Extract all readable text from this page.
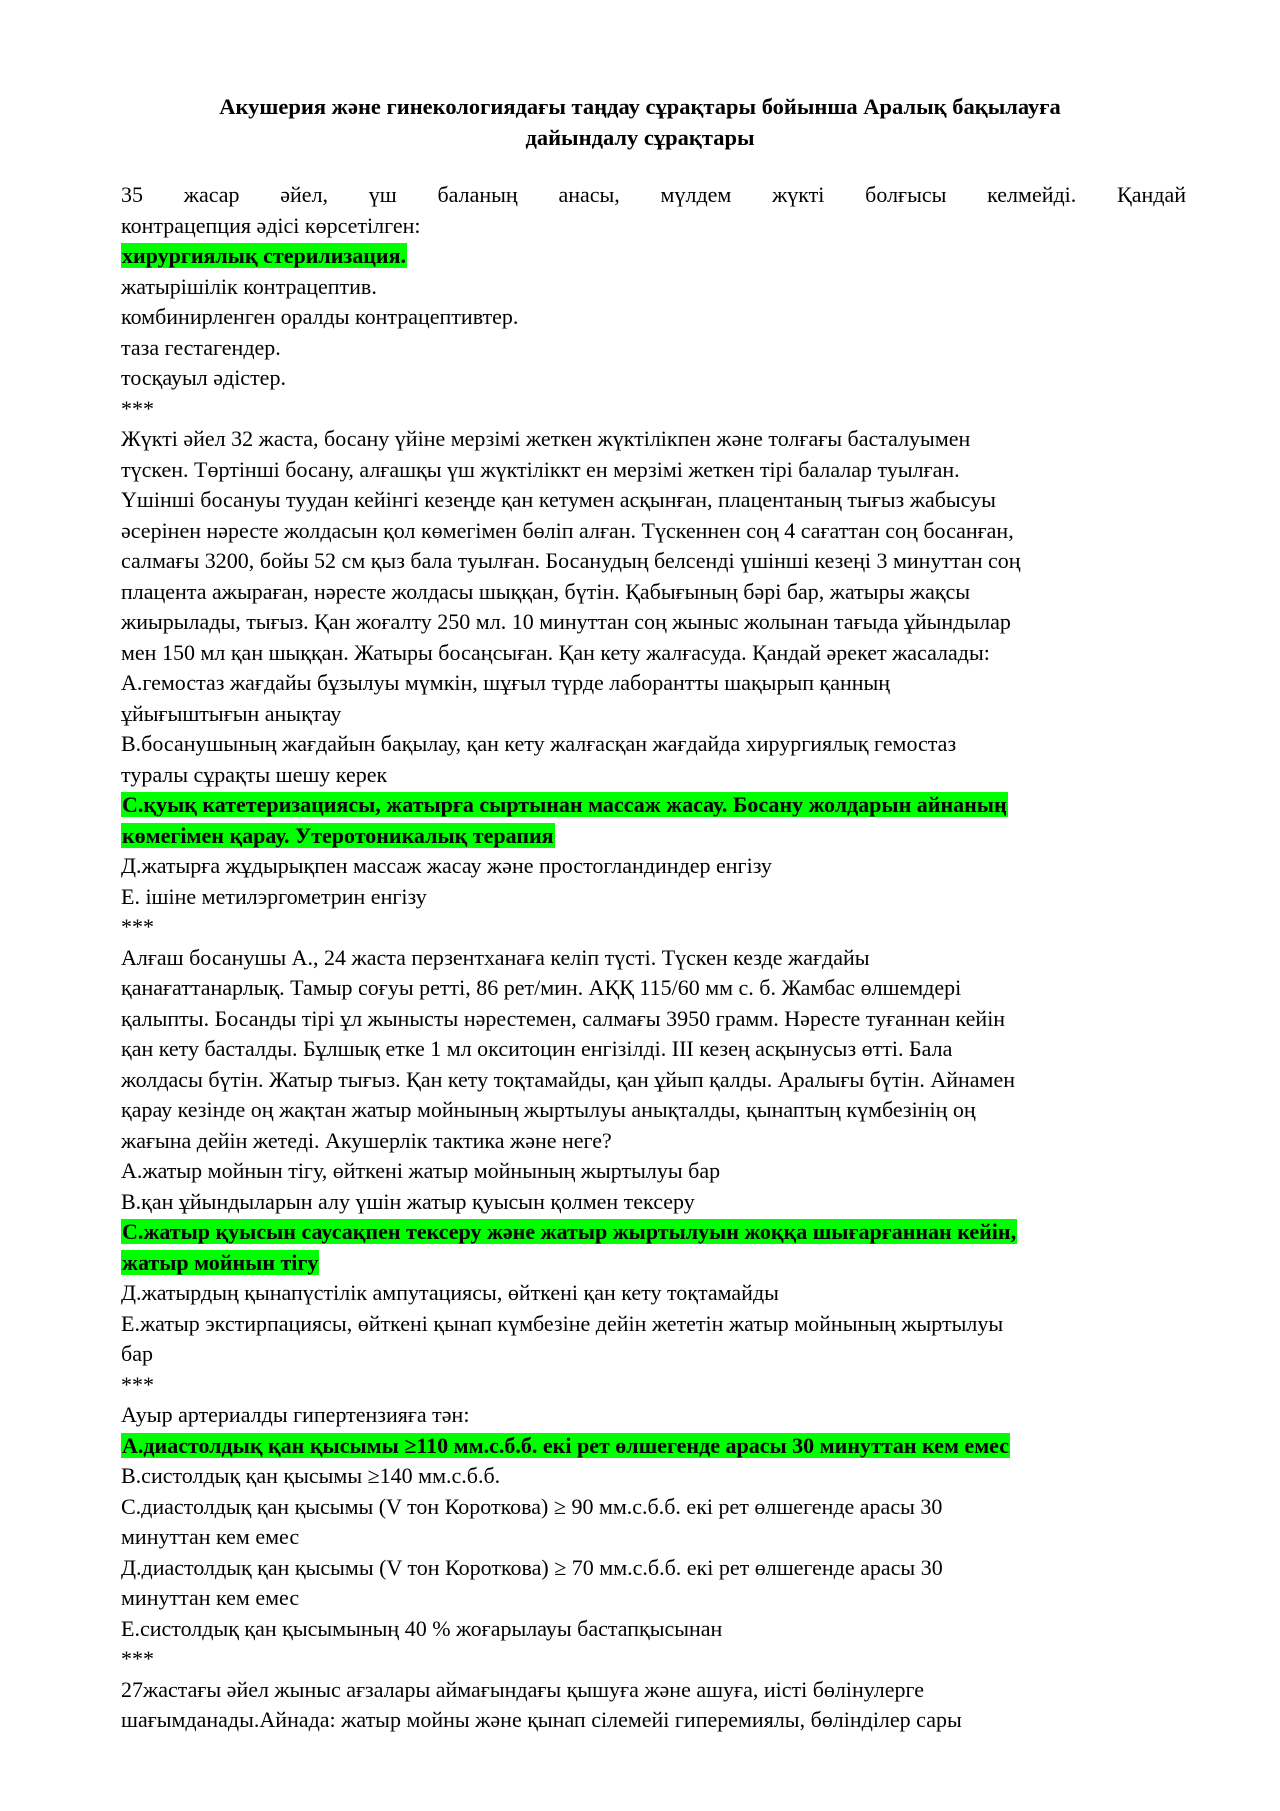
Акушерия және гинекологиядағы таңдау сұрақтары бойынша Аралық бақылауға
дайындалу сұрақтары
35 жасар әйел, үш баланың анасы, мүлдем жүкті болғысы келмейді. Қандай
контрацепция әдісі көрсетілген:
хирургиялық стерилизация.
жатырішілік контрацептив.
комбинирленген оралды контрацептивтер.
таза гестагендер.
тосқауыл әдістер.
***
Жүкті әйел 32 жаста, босану үйіне мерзімі жеткен жүктілікпен және толғағы басталуымен
түскен. Төртінші босану, алғашқы үш жүктіліккт ен мерзімі жеткен тірі балалар туылған.
Үшінші босануы туудан кейінгі кезеңде қан кетумен асқынған, плацентаның тығыз жабысуы
әсерінен нәресте жолдасын қол көмегімен бөліп алған. Түскеннен соң 4 сағаттан соң босанған,
салмағы 3200, бойы 52 см қыз бала туылған. Босанудың белсенді үшінші кезеңі 3 минуттан соң
плацента ажыраған, нәресте жолдасы шыққан, бүтін. Қабығының бәрі бар, жатыры жақсы
жиырылады, тығыз. Қан жоғалту 250 мл. 10 минуттан соң жыныс жолынан тағыда ұйындылар
мен 150 мл қан шыққан. Жатыры босаңсыған. Қан кету жалғасуда. Қандай әрекет жасалады:
А.гемостаз жағдайы бұзылуы мүмкін, шұғыл түрде лаборантты шақырып қанның
ұйығыштығын анықтау
В.босанушының жағдайын бақылау, қан кету жалғасқан жағдайда хирургиялық гемостаз
туралы сұрақты шешу керек
С.қуық катетеризациясы, жатырға сыртынан массаж жасау. Босану жолдарын айнаның
көмегімен қарау. Утеротоникалық терапия
Д.жатырға жұдырықпен массаж жасау және простогландиндер енгізу
Е. ішіне метилэргометрин енгізу
***
Алғаш босанушы А., 24 жаста перзентханаға келіп түсті. Түскен кезде жағдайы
қанағаттанарлық. Тамыр соғуы ретті, 86 рет/мин. АҚҚ 115/60 мм с. б. Жамбас өлшемдері
қалыпты. Босанды тірі ұл жынысты нәрестемен, салмағы 3950 грамм. Нәресте туғаннан кейін
қан кету басталды. Бұлшық етке 1 мл окситоцин енгізілді. III кезең асқынусыз өтті. Бала
жолдасы бүтін. Жатыр тығыз. Қан кету тоқтамайды, қан ұйып қалды. Аралығы бүтін. Айнамен
қарау кезінде оң жақтан жатыр мойнының жыртылуы анықталды, қынаптың күмбезінің оң
жағына дейін жетеді. Акушерлік тактика және неге?
А.жатыр мойнын тігу, өйткені жатыр мойнының жыртылуы бар
В.қан ұйындыларын алу үшін жатыр қуысын қолмен тексеру
С.жатыр қуысын саусақпен тексеру және жатыр жыртылуын жоққа шығарғаннан кейін,
жатыр мойнын тігу
Д.жатырдың қынапүстілік ампутациясы, өйткені қан кету тоқтамайды
Е.жатыр экстирпациясы, өйткені қынап күмбезіне дейін жететін жатыр мойнының жыртылуы
бар
***
Ауыр артериалды гипертензияға тән:
А.диастолдық қан қысымы ≥110 мм.с.б.б. екі рет өлшегенде арасы 30 минуттан кем емес
В.систолдық қан қысымы ≥140 мм.с.б.б.
С.диастолдық қан қысымы (V тон Короткова) ≥ 90 мм.с.б.б. екі рет өлшегенде арасы 30
минуттан кем емес
Д.диастолдық қан қысымы (V тон Короткова) ≥ 70 мм.с.б.б. екі рет өлшегенде арасы 30
минуттан кем емес
Е.систолдық қан қысымының 40 % жоғарылауы бастапқысынан
***
27жастағы әйел жыныс ағзалары аймағындағы қышуға және ашуға, иісті бөлінулерге
шағымданады.Айнада: жатыр мойны және қынап сілемейі гиперемиялы, бөлінділер сары
